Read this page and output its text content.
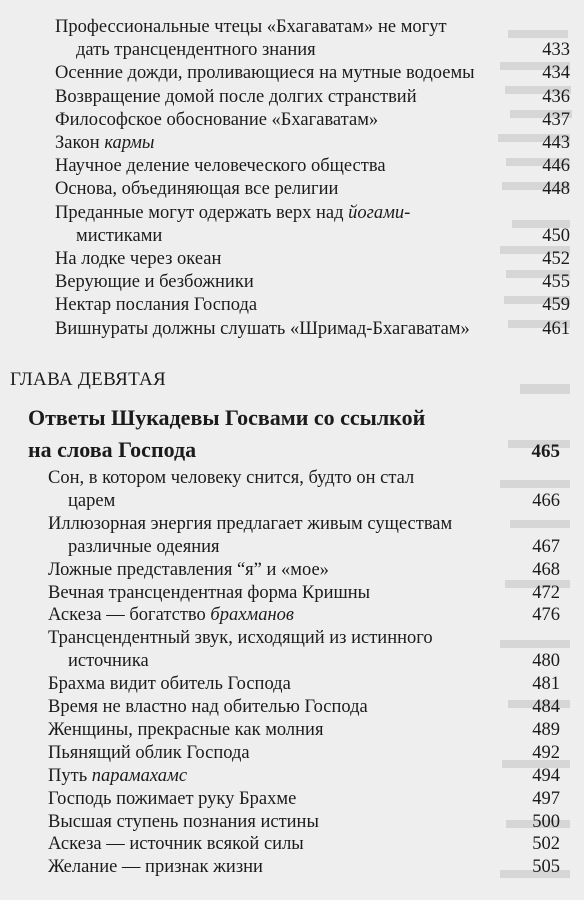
Профессиональные чтецы «Бхагаватам» не могут
дать трансцендентного знания	433
Осенние дожди, проливающиеся на мутные водоемы	434
Возвращение домой после долгих странствий	436
Философское обоснование «Бхагаватам»	437
Закон кармы	443
Научное деление человеческого общества	446
Основа, объединяющая все религии	448
Преданные могут одержать верх над йогами-
мистиками	450
На лодке через океан	452
Верующие и безбожники	455
Нектар послания Господа	459
Вишнураты должны слушать «Шримад-Бхагаватам»	461
ГЛАВА ДЕВЯТАЯ
Ответы Шукадевы Госвами со ссылкой
на слова Господа	465
Сон, в котором человеку снится, будто он стал
царем	466
Иллюзорная энергия предлагает живым существам
различные одеяния	467
Ложные представления “я” и «мое»	468
Вечная трансцендентная форма Кришны	472
Аскеза — богатство брахманов	476
Трансцендентный звук, исходящий из истинного
источника	480
Брахма видит обитель Господа	481
Время не властно над обителью Господа	484
Женщины, прекрасные как молния	489
Пьянящий облик Господа	492
Путь парамахамс	494
Господь пожимает руку Брахме	497
Высшая ступень познания истины	500
Аскеза — источник всякой силы	502
Желание — признак жизни	505
